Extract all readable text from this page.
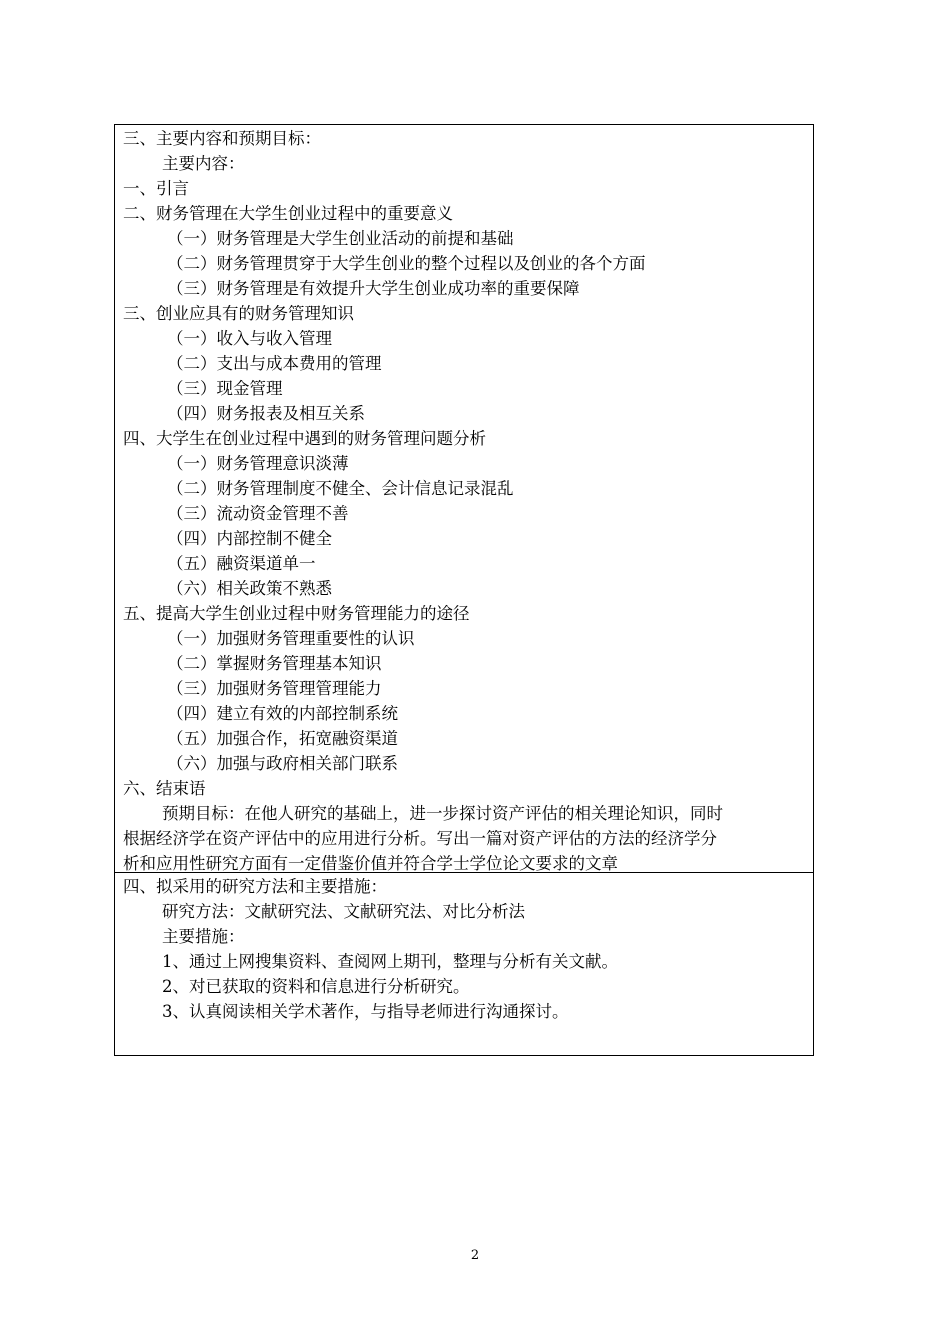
三、主要内容和预期目标：
主要内容：
一、引言
二、财务管理在大学生创业过程中的重要意义
（一）财务管理是大学生创业活动的前提和基础
（二）财务管理贯穿于大学生创业的整个过程以及创业的各个方面
（三）财务管理是有效提升大学生创业成功率的重要保障
三、创业应具有的财务管理知识
（一）收入与收入管理
（二）支出与成本费用的管理
（三）现金管理
（四）财务报表及相互关系
四、大学生在创业过程中遇到的财务管理问题分析
（一）财务管理意识淡薄
（二）财务管理制度不健全、会计信息记录混乱
（三）流动资金管理不善
（四）内部控制不健全
（五）融资渠道单一
（六）相关政策不熟悉
五、提高大学生创业过程中财务管理能力的途径
（一）加强财务管理重要性的认识
（二）掌握财务管理基本知识
（三）加强财务管理管理能力
（四）建立有效的内部控制系统
（五）加强合作，拓宽融资渠道
（六）加强与政府相关部门联系
六、结束语
预期目标：在他人研究的基础上，进一步探讨资产评估的相关理论知识，同时
根据经济学在资产评估中的应用进行分析。写出一篇对资产评估的方法的经济学分
析和应用性研究方面有一定借鉴价值并符合学士学位论文要求的文章
四、拟采用的研究方法和主要措施：
研究方法：文献研究法、文献研究法、对比分析法
主要措施：
1、通过上网搜集资料、查阅网上期刊，整理与分析有关文献。
2、对已获取的资料和信息进行分析研究。
3、认真阅读相关学术著作，与指导老师进行沟通探讨。
2
